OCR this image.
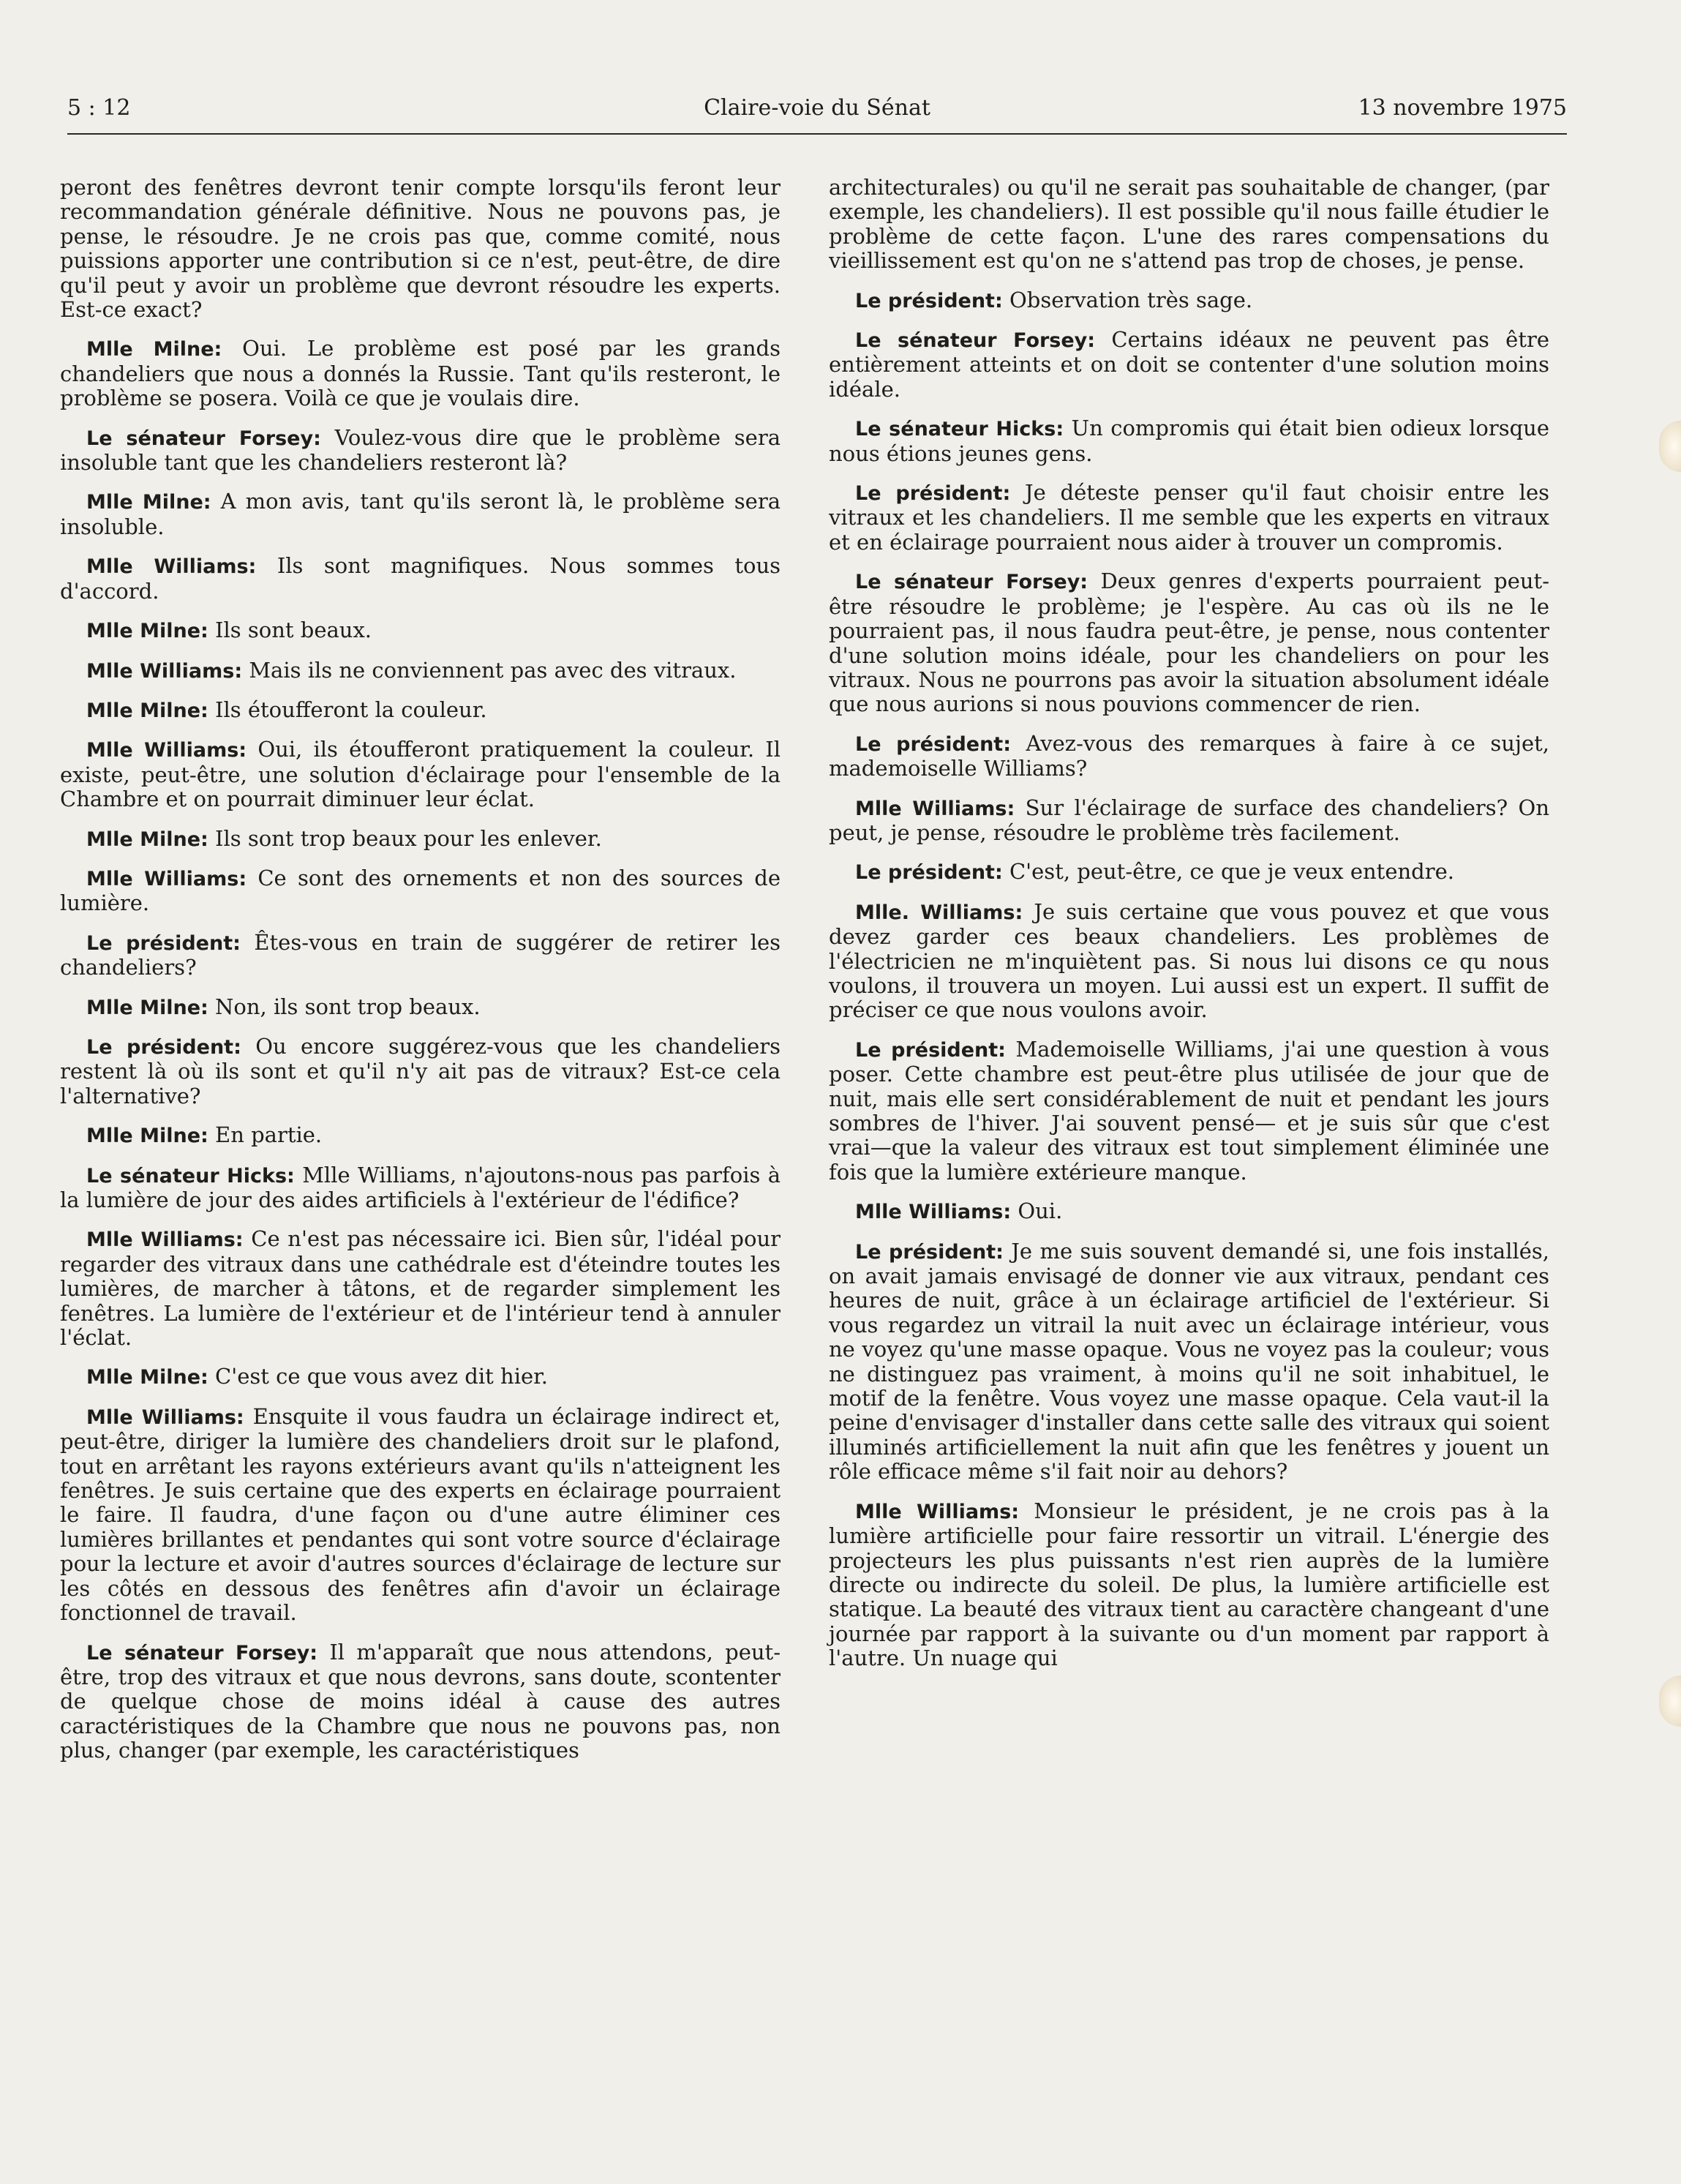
5 : 12	Claire-voie du Sénat	13 novembre 1975

peront des fenêtres devront tenir compte lorsqu'ils feront leur recommandation générale définitive. Nous ne pouvons pas, je pense, le résoudre. Je ne crois pas que, comme comité, nous puissions apporter une contribution si ce n'est, peut-être, de dire qu'il peut y avoir un problème que devront résoudre les experts. Est-ce exact?

Mlle Milne: Oui. Le problème est posé par les grands chandeliers que nous a donnés la Russie. Tant qu'ils resteront, le problème se posera. Voilà ce que je voulais dire.

Le sénateur Forsey: Voulez-vous dire que le problème sera insoluble tant que les chandeliers resteront là?

Mlle Milne: A mon avis, tant qu'ils seront là, le problème sera insoluble.

Mlle Williams: Ils sont magnifiques. Nous sommes tous d'accord.

Mlle Milne: Ils sont beaux.

Mlle Williams: Mais ils ne conviennent pas avec des vitraux.

Mlle Milne: Ils étoufferont la couleur.

Mlle Williams: Oui, ils étoufferont pratiquement la couleur. Il existe, peut-être, une solution d'éclairage pour l'ensemble de la Chambre et on pourrait diminuer leur éclat.

Mlle Milne: Ils sont trop beaux pour les enlever.

Mlle Williams: Ce sont des ornements et non des sources de lumière.

Le président: Êtes-vous en train de suggérer de retirer les chandeliers?

Mlle Milne: Non, ils sont trop beaux.

Le président: Ou encore suggérez-vous que les chandeliers restent là où ils sont et qu'il n'y ait pas de vitraux? Est-ce cela l'alternative?

Mlle Milne: En partie.

Le sénateur Hicks: Mlle Williams, n'ajoutons-nous pas parfois à la lumière de jour des aides artificiels à l'extérieur de l'édifice?

Mlle Williams: Ce n'est pas nécessaire ici. Bien sûr, l'idéal pour regarder des vitraux dans une cathédrale est d'éteindre toutes les lumières, de marcher à tâtons, et de regarder simplement les fenêtres. La lumière de l'extérieur et de l'intérieur tend à annuler l'éclat.

Mlle Milne: C'est ce que vous avez dit hier.

Mlle Williams: Ensquite il vous faudra un éclairage indirect et, peut-être, diriger la lumière des chandeliers droit sur le plafond, tout en arrêtant les rayons extérieurs avant qu'ils n'atteignent les fenêtres. Je suis certaine que des experts en éclairage pourraient le faire. Il faudra, d'une façon ou d'une autre éliminer ces lumières brillantes et pendantes qui sont votre source d'éclairage pour la lecture et avoir d'autres sources d'éclairage de lecture sur les côtés en dessous des fenêtres afin d'avoir un éclairage fonctionnel de travail.

Le sénateur Forsey: Il m'apparaît que nous attendons, peut-être, trop des vitraux et que nous devrons, sans doute, scontenter de quelque chose de moins idéal à cause des autres caractéristiques de la Chambre que nous ne pouvons pas, non plus, changer (par exemple, les caractéristiques

architecturales) ou qu'il ne serait pas souhaitable de changer, (par exemple, les chandeliers). Il est possible qu'il nous faille étudier le problème de cette façon. L'une des rares compensations du vieillissement est qu'on ne s'attend pas trop de choses, je pense.

Le président: Observation très sage.

Le sénateur Forsey: Certains idéaux ne peuvent pas être entièrement atteints et on doit se contenter d'une solution moins idéale.

Le sénateur Hicks: Un compromis qui était bien odieux lorsque nous étions jeunes gens.

Le président: Je déteste penser qu'il faut choisir entre les vitraux et les chandeliers. Il me semble que les experts en vitraux et en éclairage pourraient nous aider à trouver un compromis.

Le sénateur Forsey: Deux genres d'experts pourraient peut-être résoudre le problème; je l'espère. Au cas où ils ne le pourraient pas, il nous faudra peut-être, je pense, nous contenter d'une solution moins idéale, pour les chandeliers on pour les vitraux. Nous ne pourrons pas avoir la situation absolument idéale que nous aurions si nous pouvions commencer de rien.

Le président: Avez-vous des remarques à faire à ce sujet, mademoiselle Williams?

Mlle Williams: Sur l'éclairage de surface des chandeliers? On peut, je pense, résoudre le problème très facilement.

Le président: C'est, peut-être, ce que je veux entendre.

Mlle. Williams: Je suis certaine que vous pouvez et que vous devez garder ces beaux chandeliers. Les problèmes de l'électricien ne m'inquiètent pas. Si nous lui disons ce qu nous voulons, il trouvera un moyen. Lui aussi est un expert. Il suffit de préciser ce que nous voulons avoir.

Le président: Mademoiselle Williams, j'ai une question à vous poser. Cette chambre est peut-être plus utilisée de jour que de nuit, mais elle sert considérablement de nuit et pendant les jours sombres de l'hiver. J'ai souvent pensé— et je suis sûr que c'est vrai—que la valeur des vitraux est tout simplement éliminée une fois que la lumière extérieure manque.

Mlle Williams: Oui.

Le président: Je me suis souvent demandé si, une fois installés, on avait jamais envisagé de donner vie aux vitraux, pendant ces heures de nuit, grâce à un éclairage artificiel de l'extérieur. Si vous regardez un vitrail la nuit avec un éclairage intérieur, vous ne voyez qu'une masse opaque. Vous ne voyez pas la couleur; vous ne distinguez pas vraiment, à moins qu'il ne soit inhabituel, le motif de la fenêtre. Vous voyez une masse opaque. Cela vaut-il la peine d'envisager d'installer dans cette salle des vitraux qui soient illuminés artificiellement la nuit afin que les fenêtres y jouent un rôle efficace même s'il fait noir au dehors?

Mlle Williams: Monsieur le président, je ne crois pas à la lumière artificielle pour faire ressortir un vitrail. L'énergie des projecteurs les plus puissants n'est rien auprès de la lumière directe ou indirecte du soleil. De plus, la lumière artificielle est statique. La beauté des vitraux tient au caractère changeant d'une journée par rapport à la suivante ou d'un moment par rapport à l'autre. Un nuage qui
